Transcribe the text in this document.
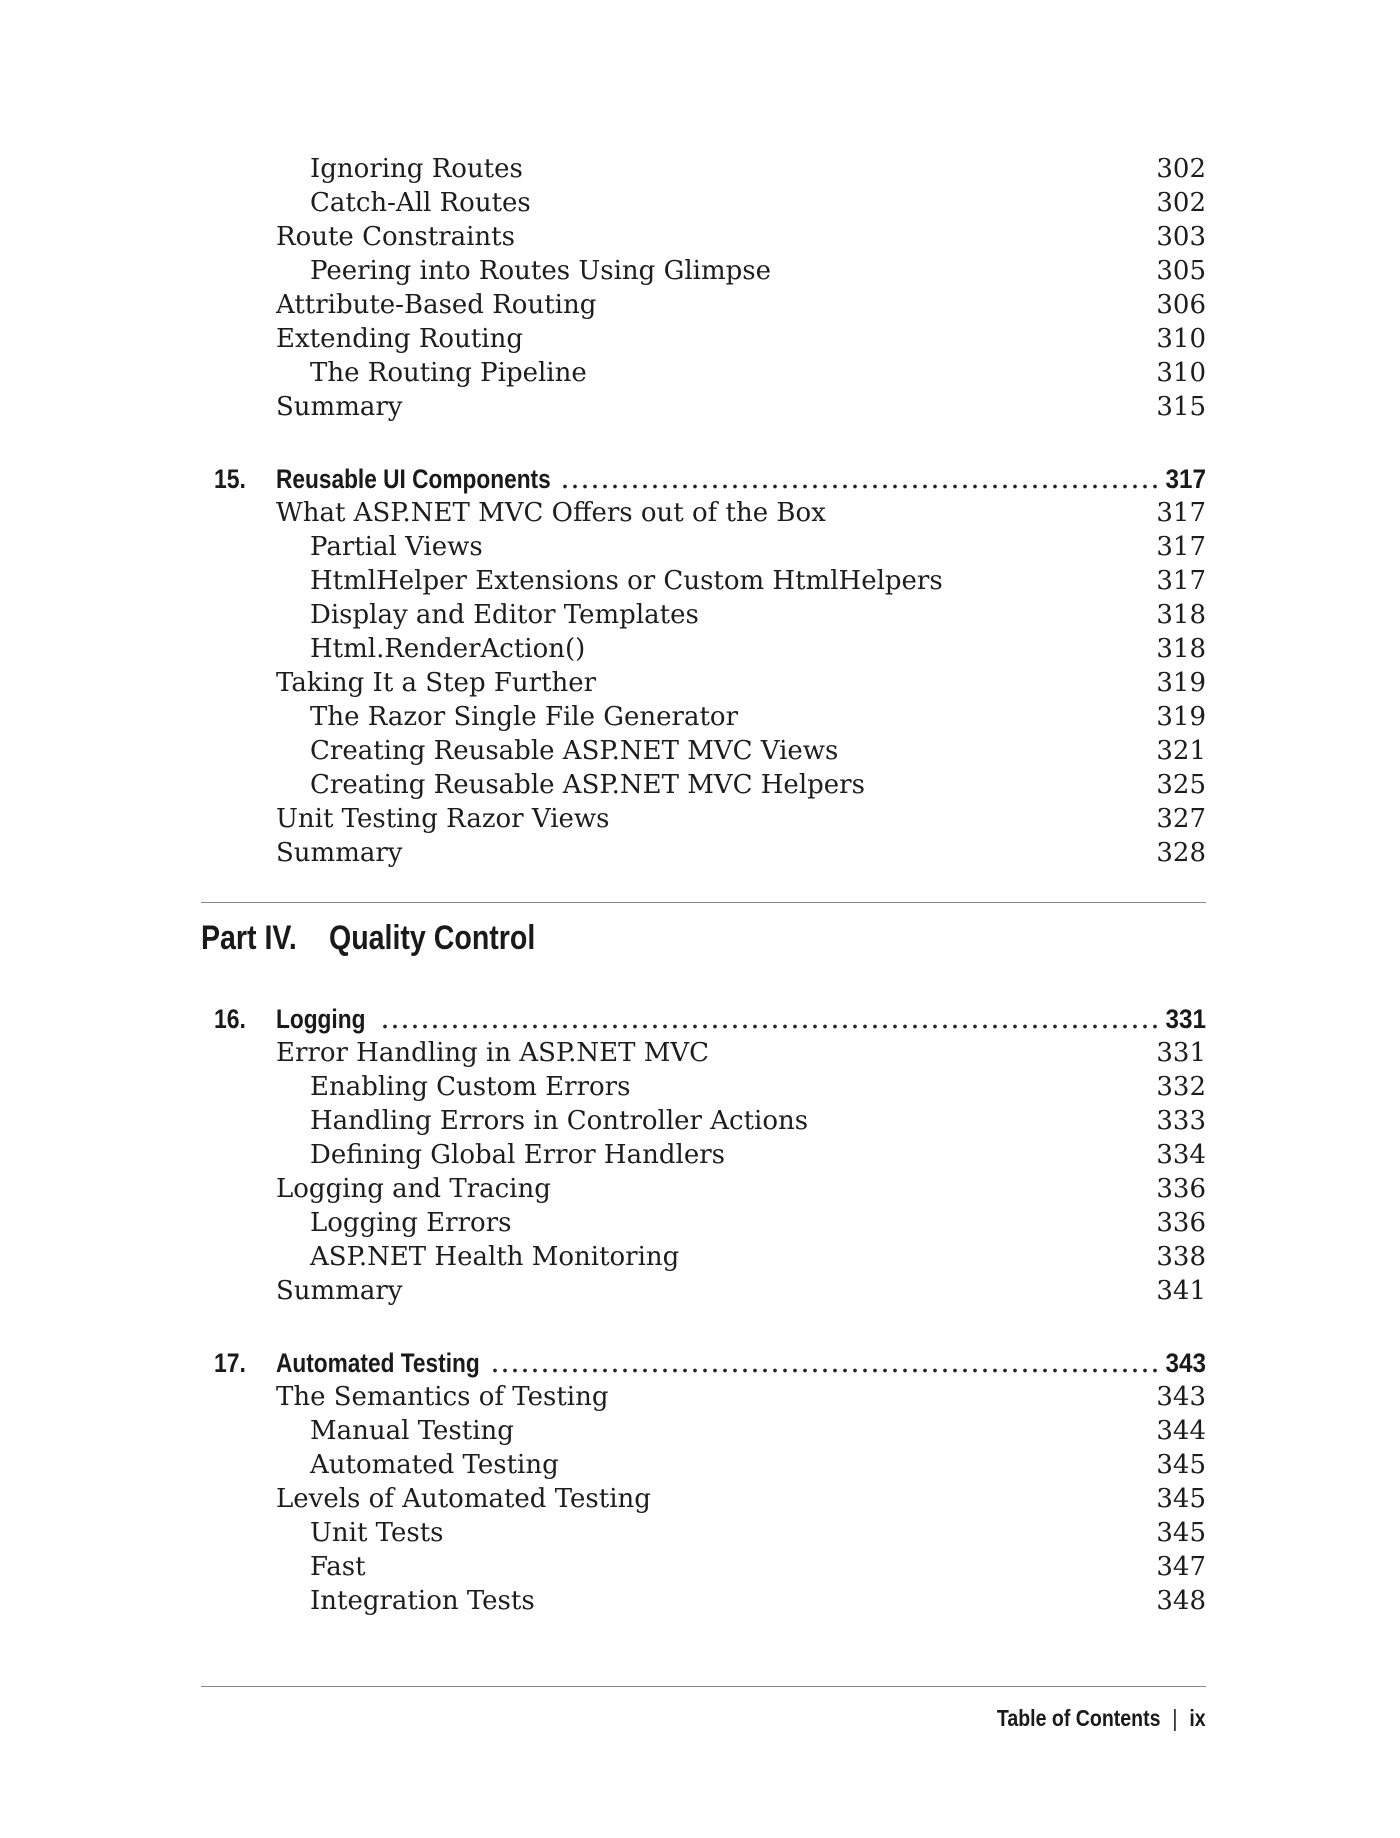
Ignoring Routes	302
Catch-All Routes	302
Route Constraints	303
Peering into Routes Using Glimpse	305
Attribute-Based Routing	306
Extending Routing	310
The Routing Pipeline	310
Summary	315
15. Reusable UI Components	317
What ASP.NET MVC Offers out of the Box	317
Partial Views	317
HtmlHelper Extensions or Custom HtmlHelpers	317
Display and Editor Templates	318
Html.RenderAction()	318
Taking It a Step Further	319
The Razor Single File Generator	319
Creating Reusable ASP.NET MVC Views	321
Creating Reusable ASP.NET MVC Helpers	325
Unit Testing Razor Views	327
Summary	328
Part IV. Quality Control
16. Logging	331
Error Handling in ASP.NET MVC	331
Enabling Custom Errors	332
Handling Errors in Controller Actions	333
Defining Global Error Handlers	334
Logging and Tracing	336
Logging Errors	336
ASP.NET Health Monitoring	338
Summary	341
17. Automated Testing	343
The Semantics of Testing	343
Manual Testing	344
Automated Testing	345
Levels of Automated Testing	345
Unit Tests	345
Fast	347
Integration Tests	348
Table of Contents | ix
